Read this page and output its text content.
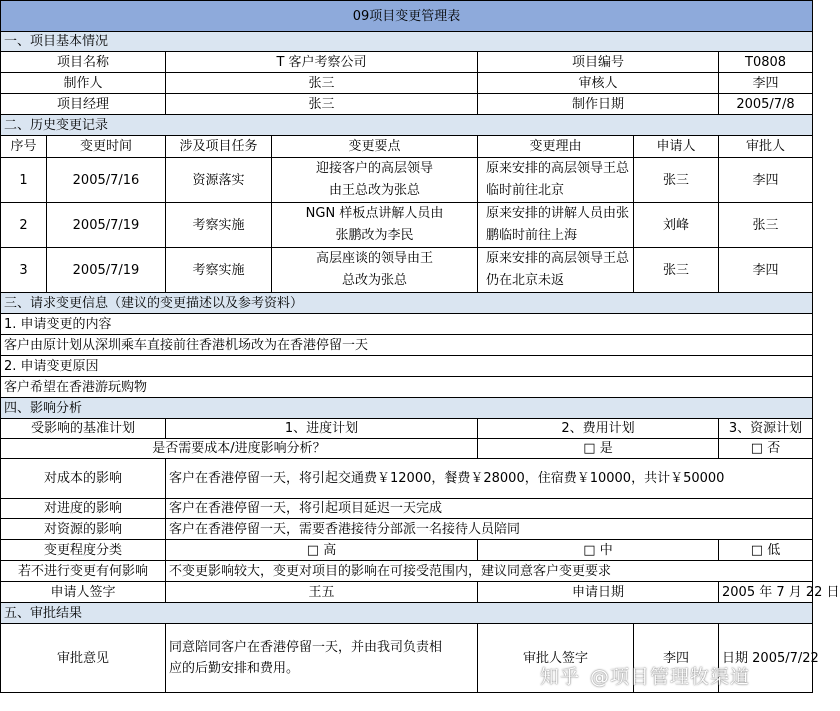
09项目变更管理表						
一、项目基本情况						
项目名称		T 客户考察公司		项目编号		T0808
制作人		张三		审核人		李四
项目经理		张三		制作日期		2005/7/8
二、历史变更记录						
序号	变更时间	涉及项目任务	变更要点	变更理由	申请人	审批人
1	2005/7/16	资源落实	迎接客户的高层领导由王总改为张总	原来安排的高层领导王总临时前往北京	张三	李四
2	2005/7/19	考察实施	NGN 样板点讲解人员由张鹏改为李民	原来安排的讲解人员由张鹏临时前往上海	刘峰	张三
3	2005/7/19	考察实施	高层座谈的领导由王总改为张总	原来安排的高层领导王总仍在北京未返	张三	李四
三、请求变更信息（建议的变更描述以及参考资料）						
1. 申请变更的内容						
客户由原计划从深圳乘车直接前往香港机场改为在香港停留一天						
2. 申请变更原因						
客户希望在香港游玩购物						
四、影响分析						
受影响的基准计划		1、进度计划		2、费用计划		3、资源计划
是否需要成本/进度影响分析？				□ 是		□ 否
对成本的影响		客户在香港停留一天，将引起交通费￥12000，餐费￥28000，住宿费￥10000，共计￥50000				
对进度的影响		客户在香港停留一天，将引起项目延迟一天完成				
对资源的影响		客户在香港停留一天，需要香港接待分部派一名接待人员陪同				
变更程度分类		□ 高		□ 中		□ 低
若不进行变更有何影响		不变更影响较大，变更对项目的影响在可接受范围内，建议同意客户变更要求				
申请人签字		王五		申请日期		2005 年 7 月 22 日
五、审批结果						
审批意见		同意陪同客户在香港停留一天，并由我司负责相应的后勤安排和费用。		审批人签字	李四	日期 2005/7/22
知乎 @项目管理牧渠道
